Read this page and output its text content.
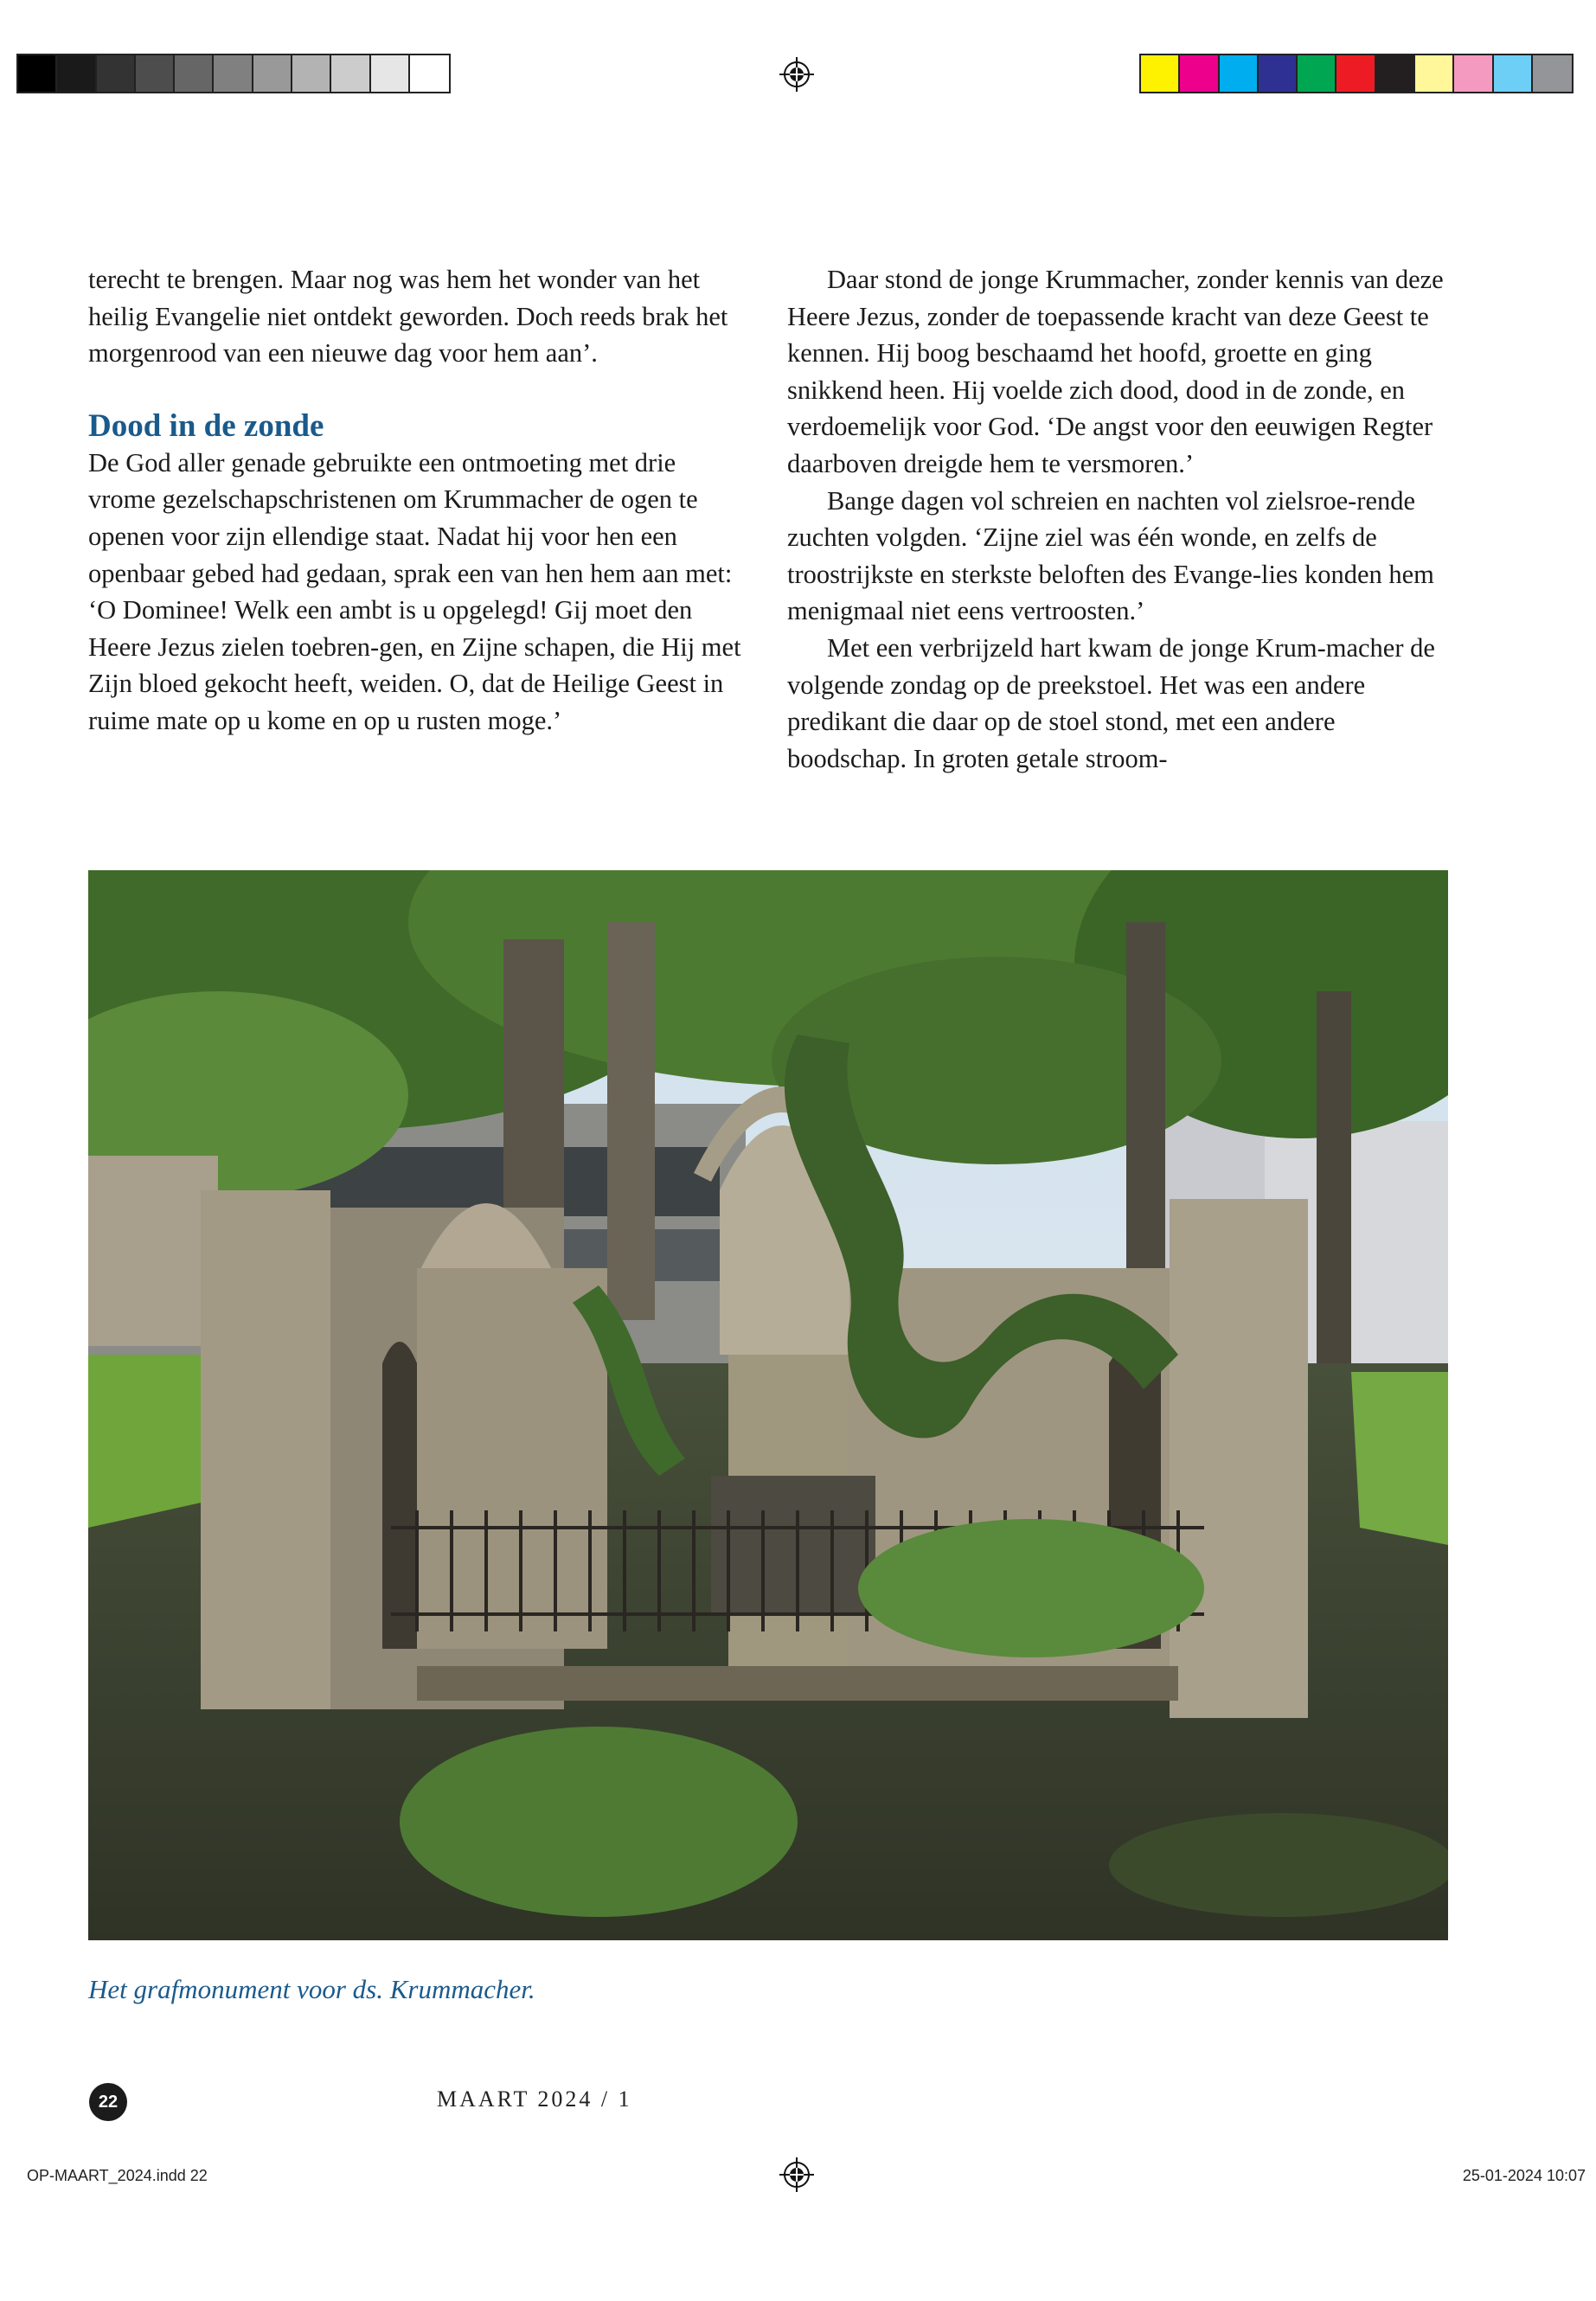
terecht te brengen. Maar nog was hem het wonder van het heilig Evangelie niet ontdekt geworden. Doch reeds brak het morgenrood van een nieuwe dag voor hem aan’.

Dood in de zonde

De God aller genade gebruikte een ontmoeting met drie vrome gezelschapschristenen om Krummacher de ogen te openen voor zijn ellendige staat. Nadat hij voor hen een openbaar gebed had gedaan, sprak een van hen hem aan met: ‘O Dominee! Welk een ambt is u opgelegd! Gij moet den Heere Jezus zielen toebren-gen, en Zijne schapen, die Hij met Zijn bloed gekocht heeft, weiden. O, dat de Heilige Geest in ruime mate op u kome en op u rusten moge.’

Daar stond de jonge Krummacher, zonder kennis van deze Heere Jezus, zonder de toepassende kracht van deze Geest te kennen. Hij boog beschaamd het hoofd, groette en ging snikkend heen. Hij voelde zich dood, dood in de zonde, en verdoemelijk voor God. ‘De angst voor den eeuwigen Regter daarboven dreigde hem te versmoren.’

Bange dagen vol schreien en nachten vol zielsroe-rende zuchten volgden. ‘Zijne ziel was één wonde, en zelfs de troostrijkste en sterkste beloften des Evange-lies konden hem menigmaal niet eens vertroosten.’

Met een verbrijzeld hart kwam de jonge Krum-macher de volgende zondag op de preekstoel. Het was een andere predikant die daar op de stoel stond, met een andere boodschap. In groten getale stroom-

Het grafmonument voor ds. Krummacher.
22	MAART 2024 / 1
OP-MAART_2024.indd 22	25-01-2024 10:07
